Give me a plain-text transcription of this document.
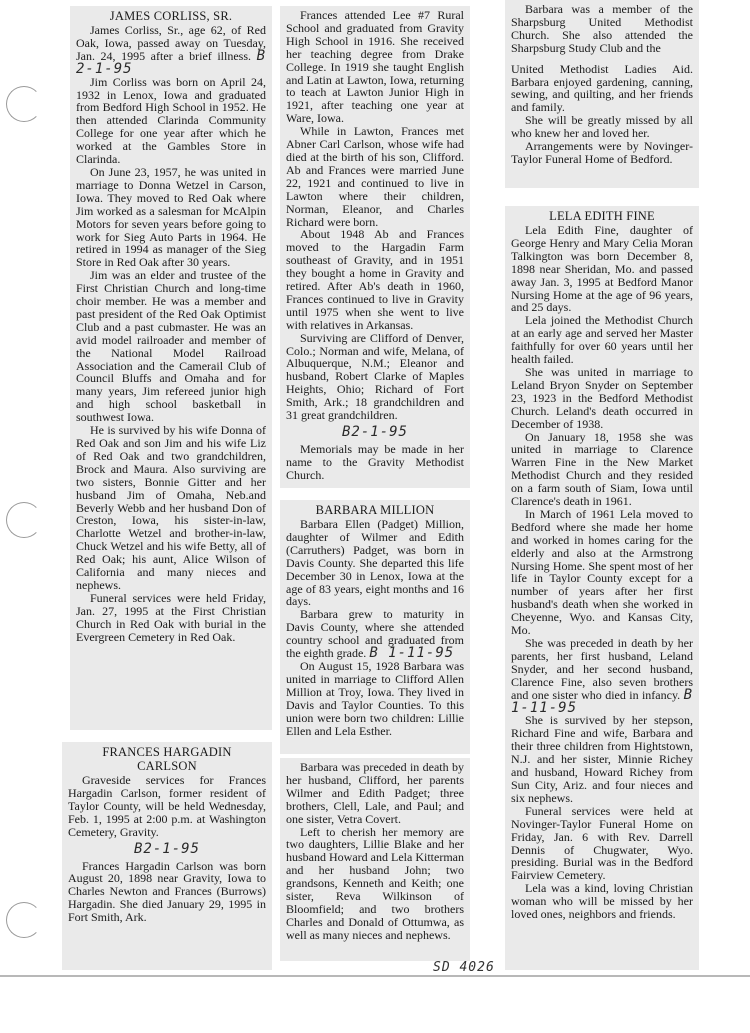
JAMES CORLISS, SR.

James Corliss, Sr., age 62, of Red Oak, Iowa, passed away on Tuesday, Jan. 24, 1995 after a brief illness. B 2-1-95

Jim Corliss was born on April 24, 1932 in Lenox, Iowa and graduated from Bedford High School in 1952. He then attended Clarinda Community College for one year after which he worked at the Gambles Store in Clarinda.

On June 23, 1957, he was united in marriage to Donna Wetzel in Carson, Iowa. They moved to Red Oak where Jim worked as a salesman for McAlpin Motors for seven years before going to work for Sieg Auto Parts in 1964. He retired in 1994 as manager of the Sieg Store in Red Oak after 30 years.

Jim was an elder and trustee of the First Christian Church and long-time choir member. He was a member and past president of the Red Oak Optimist Club and a past cubmaster. He was an avid model railroader and member of the National Model Railroad Association and the Camerail Club of Council Bluffs and Omaha and for many years, Jim refereed junior high and high school basketball in southwest Iowa.

He is survived by his wife Donna of Red Oak and son Jim and his wife Liz of Red Oak and two grandchildren, Brock and Maura. Also surviving are two sisters, Bonnie Gitter and her husband Jim of Omaha, Neb.and Beverly Webb and her husband Don of Creston, Iowa, his sister-in-law, Charlotte Wetzel and brother-in-law, Chuck Wetzel and his wife Betty, all of Red Oak; his aunt, Alice Wilson of California and many nieces and nephews.

Funeral services were held Friday, Jan. 27, 1995 at the First Christian Church in Red Oak with burial in the Evergreen Cemetery in Red Oak.

FRANCES HARGADIN CARLSON

Graveside services for Frances Hargadin Carlson, former resident of Taylor County, will be held Wednesday, Feb. 1, 1995 at 2:00 p.m. at Washington Cemetery, Gravity.

B2-1-95

Frances Hargadin Carlson was born August 20, 1898 near Gravity, Iowa to Charles Newton and Frances (Burrows) Hargadin. She died January 29, 1995 in Fort Smith, Ark.

Frances attended Lee #7 Rural School and graduated from Gravity High School in 1916. She received her teaching degree from Drake College. In 1919 she taught English and Latin at Lawton, Iowa, returning to teach at Lawton Junior High in 1921, after teaching one year at Ware, Iowa.

While in Lawton, Frances met Abner Carl Carlson, whose wife had died at the birth of his son, Clifford. Ab and Frances were married June 22, 1921 and continued to live in Lawton where their children, Norman, Eleanor, and Charles Richard were born.

About 1948 Ab and Frances moved to the Hargadin Farm southeast of Gravity, and in 1951 they bought a home in Gravity and retired. After Ab's death in 1960, Frances continued to live in Gravity until 1975 when she went to live with relatives in Arkansas.

Surviving are Clifford of Denver, Colo.; Norman and wife, Melana, of Albuquerque, N.M.; Eleanor and husband, Robert Clarke of Maples Heights, Ohio; Richard of Fort Smith, Ark.; 18 grandchildren and 31 great grandchildren.

B2-1-95

Memorials may be made in her name to the Gravity Methodist Church.

BARBARA MILLION

Barbara Ellen (Padget) Million, daughter of Wilmer and Edith (Carruthers) Padget, was born in Davis County. She departed this life December 30 in Lenox, Iowa at the age of 83 years, eight months and 16 days.

Barbara grew to maturity in Davis County, where she attended country school and graduated from the eighth grade. B 1-11-95

On August 15, 1928 Barbara was united in marriage to Clifford Allen Million at Troy, Iowa. They lived in Davis and Taylor Counties. To this union were born two children: Lillie Ellen and Lela Esther.

Barbara was preceded in death by her husband, Clifford, her parents Wilmer and Edith Padget; three brothers, Clell, Lale, and Paul; and one sister, Vetra Covert.

Left to cherish her memory are two daughters, Lillie Blake and her husband Howard and Lela Kitterman and her husband John; two grandsons, Kenneth and Keith; one sister, Reva Wilkinson of Bloomfield; and two brothers Charles and Donald of Ottumwa, as well as many nieces and nephews.

Barbara was a member of the Sharpsburg United Methodist Church. She also attended the Sharpsburg Study Club and the

United Methodist Ladies Aid. Barbara enjoyed gardening, canning, sewing, and quilting, and her friends and family.

She will be greatly missed by all who knew her and loved her.

Arrangements were by Novinger-Taylor Funeral Home of Bedford.

LELA EDITH FINE

Lela Edith Fine, daughter of George Henry and Mary Celia Moran Talkington was born December 8, 1898 near Sheridan, Mo. and passed away Jan. 3, 1995 at Bedford Manor Nursing Home at the age of 96 years, and 25 days.

Lela joined the Methodist Church at an early age and served her Master faithfully for over 60 years until her health failed.

She was united in marriage to Leland Bryon Snyder on September 23, 1923 in the Bedford Methodist Church. Leland's death occurred in December of 1938.

On January 18, 1958 she was united in marriage to Clarence Warren Fine in the New Market Methodist Church and they resided on a farm south of Siam, Iowa until Clarence's death in 1961.

In March of 1961 Lela moved to Bedford where she made her home and worked in homes caring for the elderly and also at the Armstrong Nursing Home. She spent most of her life in Taylor County except for a number of years after her first husband's death when she worked in Cheyenne, Wyo. and Kansas City, Mo.

She was preceded in death by her parents, her first husband, Leland Snyder, and her second husband, Clarence Fine, also seven brothers and one sister who died in infancy. B 1-11-95

She is survived by her stepson, Richard Fine and wife, Barbara and their three children from Hightstown, N.J. and her sister, Minnie Richey and husband, Howard Richey from Sun City, Ariz. and four nieces and six nephews.

Funeral services were held at Novinger-Taylor Funeral Home on Friday, Jan. 6 with Rev. Darrell Dennis of Chugwater, Wyo. presiding. Burial was in the Bedford Fairview Cemetery.

Lela was a kind, loving Christian woman who will be missed by her loved ones, neighbors and friends.

SD 4026
